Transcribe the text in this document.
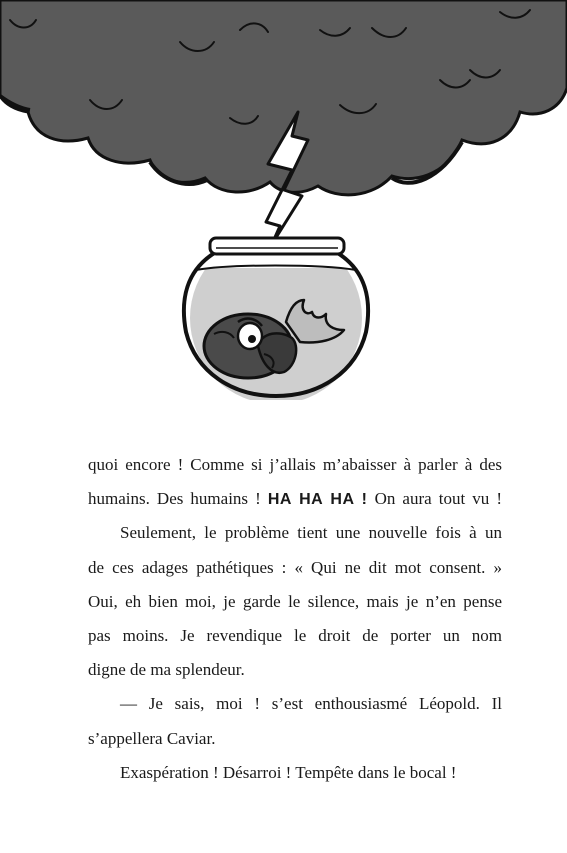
quoi encore ! Comme si j’allais m’abaisser à parler à des
humains. Des humains ! HA HA HA ! On aura tout vu !
Seulement, le problème tient une nouvelle fois à un
de ces adages pathétiques : « Qui ne dit mot consent. »
Oui, eh bien moi, je garde le silence, mais je n’en pense
pas moins. Je revendique le droit de porter un nom
digne de ma splendeur.
— Je sais, moi ! s’est enthousiasmé Léopold. Il
s’appellera Caviar.
Exaspération ! Désarroi ! Tempête dans le bocal !
